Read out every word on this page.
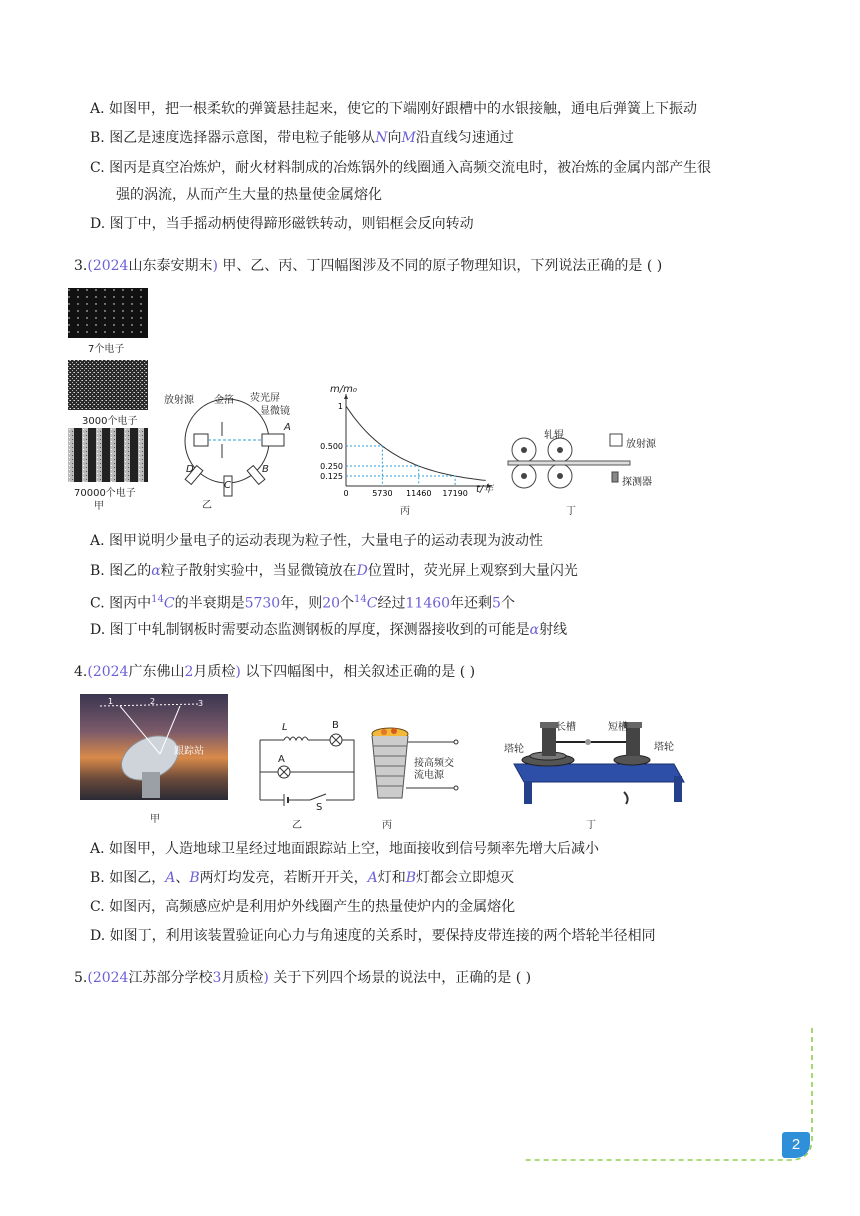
A. 如图甲，把一根柔软的弹簧悬挂起来，使它的下端刚好跟槽中的水银接触，通电后弹簧上下振动
B. 图乙是速度选择器示意图，带电粒子能够从N向M沿直线匀速通过
C. 图丙是真空冶炼炉，耐火材料制成的冶炼锅外的线圈通入高频交流电时，被冶炼的金属内部产生很
强的涡流，从而产生大量的热量使金属熔化
D. 图丁中，当手摇动柄使得蹄形磁铁转动，则铝框会反向转动
3.(2024山东泰安期末) 甲、乙、丙、丁四幅图涉及不同的原子物理知识，下列说法正确的是 ( )
7个电子
3000个电子
70000个电子
甲
放射源 金箔 荧光屏
显微镜
A
B
C
D
乙
0
1
5730
0.500
11460
0.250
17190
0.125
m/m₀
t/年
丙
轧辊
放射源
探测器
丁
A. 图甲说明少量电子的运动表现为粒子性，大量电子的运动表现为波动性
B. 图乙的α粒子散射实验中，当显微镜放在D位置时，荧光屏上观察到大量闪光
C. 图丙中$^{14}$C的半衰期是5730年，则20个$^{14}$C经过11460年还剩5个
D. 图丁中轧制钢板时需要动态监测钢板的厚度，探测器接收到的可能是α射线
4.(2024广东佛山2月质检) 以下四幅图中，相关叙述正确的是 ( )
1	2	3
跟踪站
甲
L	B
A
S
乙
接高频交
流电源
丙
长槽	短槽
塔轮	塔轮
丁
A. 如图甲，人造地球卫星经过地面跟踪站上空，地面接收到信号频率先增大后减小
B. 如图乙，A、B两灯均发亮，若断开开关，A灯和B灯都会立即熄灭
C. 如图丙，高频感应炉是利用炉外线圈产生的热量使炉内的金属熔化
D. 如图丁，利用该装置验证向心力与角速度的关系时，要保持皮带连接的两个塔轮半径相同
5.(2024江苏部分学校3月质检) 关于下列四个场景的说法中，正确的是 ( )
2
